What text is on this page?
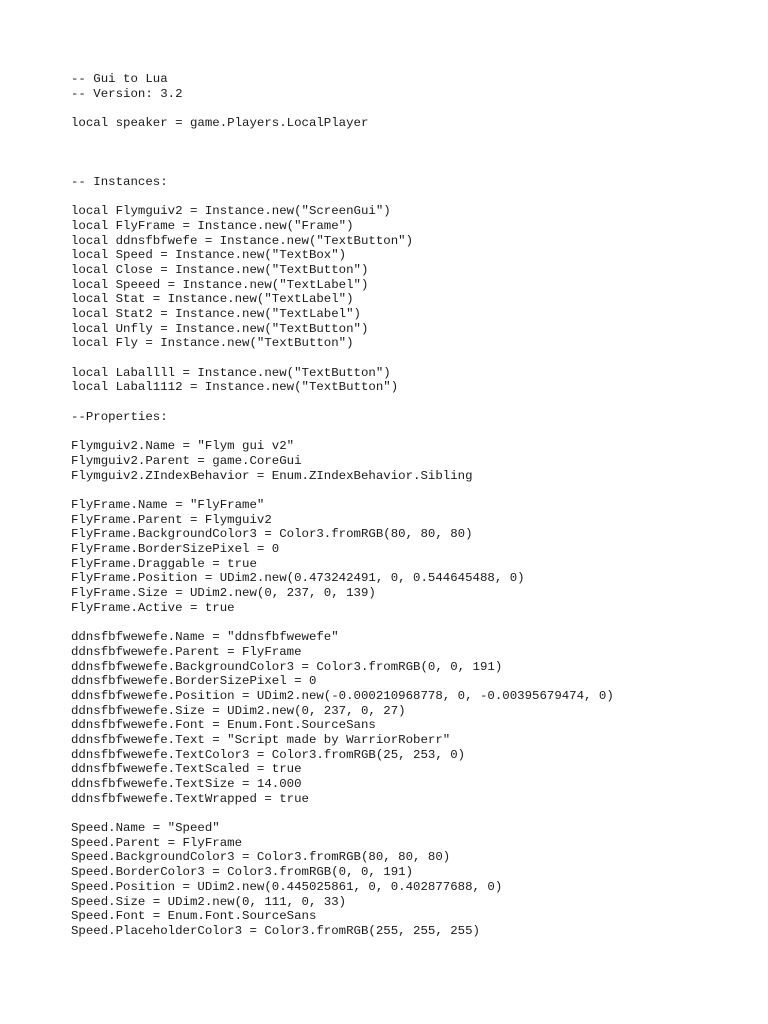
-- Gui to Lua
-- Version: 3.2
local speaker = game.Players.LocalPlayer
-- Instances:
local Flymguiv2 = Instance.new("ScreenGui")
local FlyFrame = Instance.new("Frame")
local ddnsfbfwefe = Instance.new("TextButton")
local Speed = Instance.new("TextBox")
local Close = Instance.new("TextButton")
local Speeed = Instance.new("TextLabel")
local Stat = Instance.new("TextLabel")
local Stat2 = Instance.new("TextLabel")
local Unfly = Instance.new("TextButton")
local Fly = Instance.new("TextButton")
local Laballll = Instance.new("TextButton")
local Labal1112 = Instance.new("TextButton")
--Properties:
Flymguiv2.Name = "Flym gui v2"
Flymguiv2.Parent = game.CoreGui
Flymguiv2.ZIndexBehavior = Enum.ZIndexBehavior.Sibling
FlyFrame.Name = "FlyFrame"
FlyFrame.Parent = Flymguiv2
FlyFrame.BackgroundColor3 = Color3.fromRGB(80, 80, 80)
FlyFrame.BorderSizePixel = 0
FlyFrame.Draggable = true
FlyFrame.Position = UDim2.new(0.473242491, 0, 0.544645488, 0)
FlyFrame.Size = UDim2.new(0, 237, 0, 139)
FlyFrame.Active = true
ddnsfbfwewefe.Name = "ddnsfbfwewefe"
ddnsfbfwewefe.Parent = FlyFrame
ddnsfbfwewefe.BackgroundColor3 = Color3.fromRGB(0, 0, 191)
ddnsfbfwewefe.BorderSizePixel = 0
ddnsfbfwewefe.Position = UDim2.new(-0.000210968778, 0, -0.00395679474, 0)
ddnsfbfwewefe.Size = UDim2.new(0, 237, 0, 27)
ddnsfbfwewefe.Font = Enum.Font.SourceSans
ddnsfbfwewefe.Text = "Script made by WarriorRoberr"
ddnsfbfwewefe.TextColor3 = Color3.fromRGB(25, 253, 0)
ddnsfbfwewefe.TextScaled = true
ddnsfbfwewefe.TextSize = 14.000
ddnsfbfwewefe.TextWrapped = true
Speed.Name = "Speed"
Speed.Parent = FlyFrame
Speed.BackgroundColor3 = Color3.fromRGB(80, 80, 80)
Speed.BorderColor3 = Color3.fromRGB(0, 0, 191)
Speed.Position = UDim2.new(0.445025861, 0, 0.402877688, 0)
Speed.Size = UDim2.new(0, 111, 0, 33)
Speed.Font = Enum.Font.SourceSans
Speed.PlaceholderColor3 = Color3.fromRGB(255, 255, 255)
